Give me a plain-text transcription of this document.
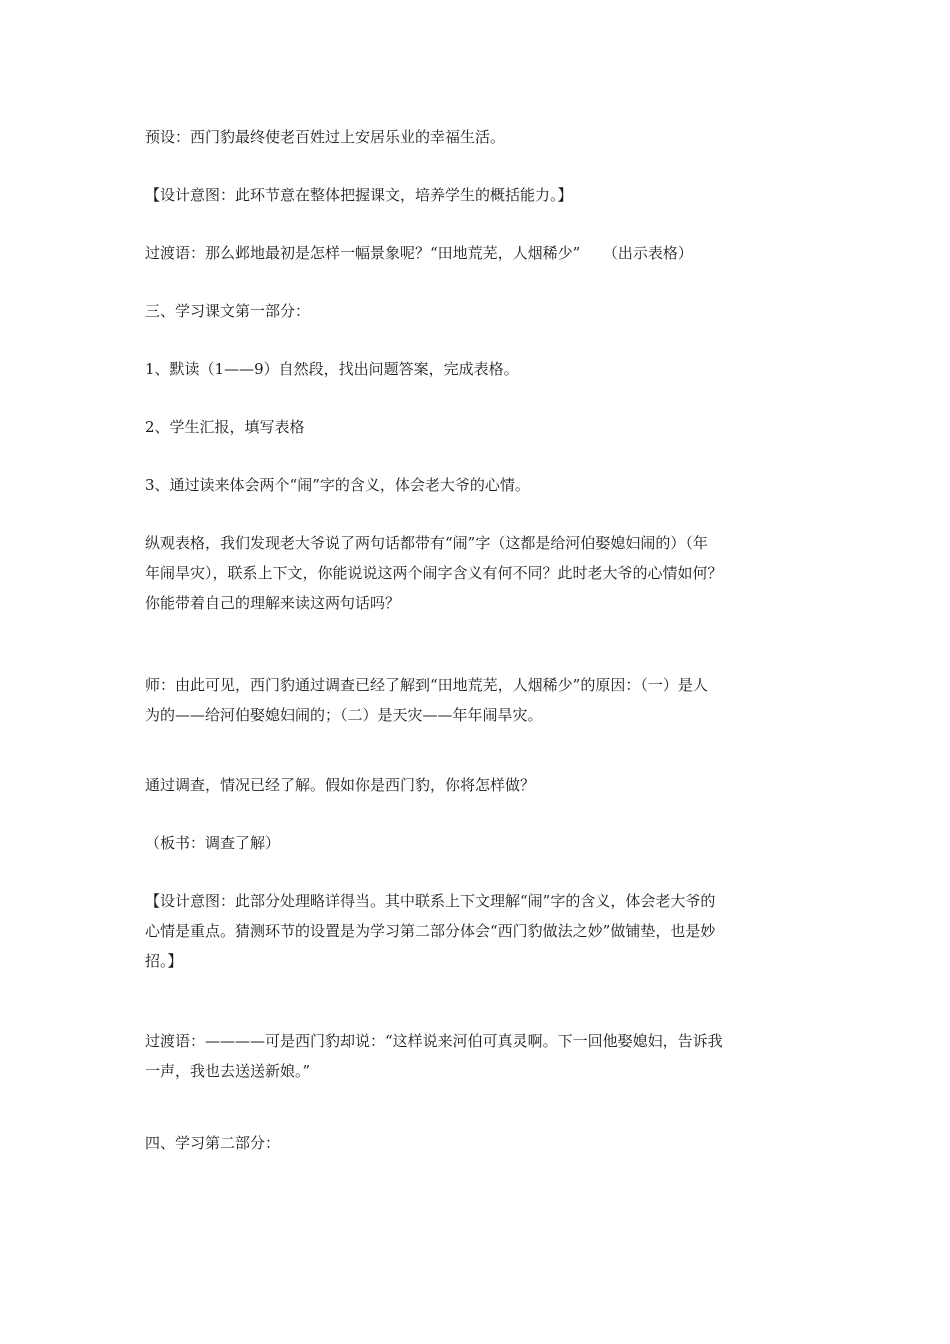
预设：西门豹最终使老百姓过上安居乐业的幸福生活。
【设计意图：此环节意在整体把握课文，培养学生的概括能力。】
过渡语：那么邺地最初是怎样一幅景象呢？“田地荒芜，人烟稀少”　　（出示表格）
三、学习课文第一部分：
1、默读（1——9）自然段，找出问题答案，完成表格。
2、学生汇报，填写表格
3、通过读来体会两个“闹”字的含义，体会老大爷的心情。
纵观表格，我们发现老大爷说了两句话都带有“闹”字（这都是给河伯娶媳妇闹的）（年
年闹旱灾），联系上下文，你能说说这两个闹字含义有何不同？此时老大爷的心情如何？
你能带着自己的理解来读这两句话吗？
师：由此可见，西门豹通过调查已经了解到“田地荒芜，人烟稀少”的原因：（一）是人
为的——给河伯娶媳妇闹的；（二）是天灾——年年闹旱灾。
通过调查，情况已经了解。假如你是西门豹，你将怎样做？
（板书：调查了解）
【设计意图：此部分处理略详得当。其中联系上下文理解“闹”字的含义，体会老大爷的
心情是重点。猜测环节的设置是为学习第二部分体会“西门豹做法之妙”做铺垫，也是妙
招。】
过渡语：————可是西门豹却说：“这样说来河伯可真灵啊。下一回他娶媳妇，告诉我
一声，我也去送送新娘。”
四、学习第二部分：
